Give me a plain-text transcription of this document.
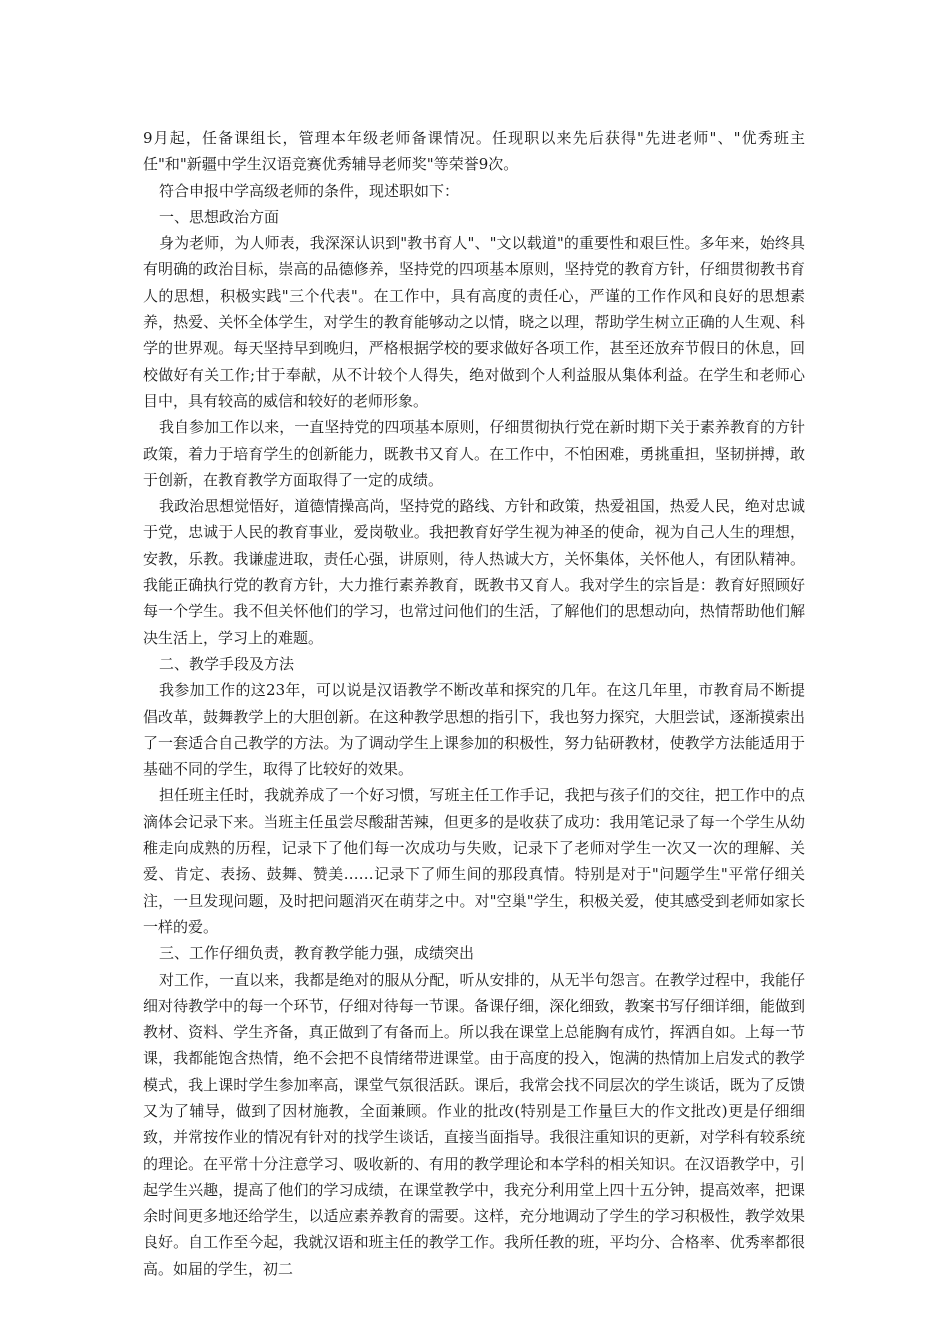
9月起，任备课组长，管理本年级老师备课情况。任现职以来先后获得"先进老师"、"优秀班主任"和"新疆中学生汉语竞赛优秀辅导老师奖"等荣誉9次。

符合申报中学高级老师的条件，现述职如下：

一、思想政治方面

身为老师，为人师表，我深深认识到"教书育人"、"文以载道"的重要性和艰巨性。多年来，始终具有明确的政治目标，崇高的品德修养，坚持党的四项基本原则，坚持党的教育方针，仔细贯彻教书育人的思想，积极实践"三个代表"。在工作中，具有高度的责任心，严谨的工作作风和良好的思想素养，热爱、关怀全体学生，对学生的教育能够动之以情，晓之以理，帮助学生树立正确的人生观、科学的世界观。每天坚持早到晚归，严格根据学校的要求做好各项工作，甚至还放弃节假日的休息，回校做好有关工作;甘于奉献，从不计较个人得失，绝对做到个人利益服从集体利益。在学生和老师心目中，具有较高的威信和较好的老师形象。

我自参加工作以来，一直坚持党的四项基本原则，仔细贯彻执行党在新时期下关于素养教育的方针政策，着力于培育学生的创新能力，既教书又育人。在工作中，不怕困难，勇挑重担，坚韧拼搏，敢于创新，在教育教学方面取得了一定的成绩。

我政治思想觉悟好，道德情操高尚，坚持党的路线、方针和政策，热爱祖国，热爱人民，绝对忠诚于党，忠诚于人民的教育事业，爱岗敬业。我把教育好学生视为神圣的使命，视为自己人生的理想，安教，乐教。我谦虚进取，责任心强，讲原则，待人热诚大方，关怀集体，关怀他人，有团队精神。我能正确执行党的教育方针，大力推行素养教育，既教书又育人。我对学生的宗旨是：教育好照顾好每一个学生。我不但关怀他们的学习，也常过问他们的生活，了解他们的思想动向，热情帮助他们解决生活上，学习上的难题。

二、教学手段及方法

我参加工作的这23年，可以说是汉语教学不断改革和探究的几年。在这几年里，市教育局不断提倡改革，鼓舞教学上的大胆创新。在这种教学思想的指引下，我也努力探究，大胆尝试，逐渐摸索出了一套适合自己教学的方法。为了调动学生上课参加的积极性，努力钻研教材，使教学方法能适用于基础不同的学生，取得了比较好的效果。

担任班主任时，我就养成了一个好习惯，写班主任工作手记，我把与孩子们的交往，把工作中的点滴体会记录下来。当班主任虽尝尽酸甜苦辣，但更多的是收获了成功：我用笔记录了每一个学生从幼稚走向成熟的历程，记录下了他们每一次成功与失败，记录下了老师对学生一次又一次的理解、关爱、肯定、表扬、鼓舞、赞美……记录下了师生间的那段真情。特别是对于"问题学生"平常仔细关注，一旦发现问题，及时把问题消灭在萌芽之中。对"空巢"学生，积极关爱，使其感受到老师如家长一样的爱。

三、工作仔细负责，教育教学能力强，成绩突出

对工作，一直以来，我都是绝对的服从分配，听从安排的，从无半句怨言。在教学过程中，我能仔细对待教学中的每一个环节，仔细对待每一节课。备课仔细，深化细致，教案书写仔细详细，能做到教材、资料、学生齐备，真正做到了有备而上。所以我在课堂上总能胸有成竹，挥洒自如。上每一节课，我都能饱含热情，绝不会把不良情绪带进课堂。由于高度的投入，饱满的热情加上启发式的教学模式，我上课时学生参加率高，课堂气氛很活跃。课后，我常会找不同层次的学生谈话，既为了反馈又为了辅导，做到了因材施教，全面兼顾。作业的批改(特别是工作量巨大的作文批改)更是仔细细致，并常按作业的情况有针对的找学生谈话，直接当面指导。我很注重知识的更新，对学科有较系统的理论。在平常十分注意学习、吸收新的、有用的教学理论和本学科的相关知识。在汉语教学中，引起学生兴趣，提高了他们的学习成绩，在课堂教学中，我充分利用堂上四十五分钟，提高效率，把课余时间更多地还给学生，以适应素养教育的需要。这样，充分地调动了学生的学习积极性，教学效果良好。自工作至今起，我就汉语和班主任的教学工作。我所任教的班，平均分、合格率、优秀率都很高。如届的学生，初二
